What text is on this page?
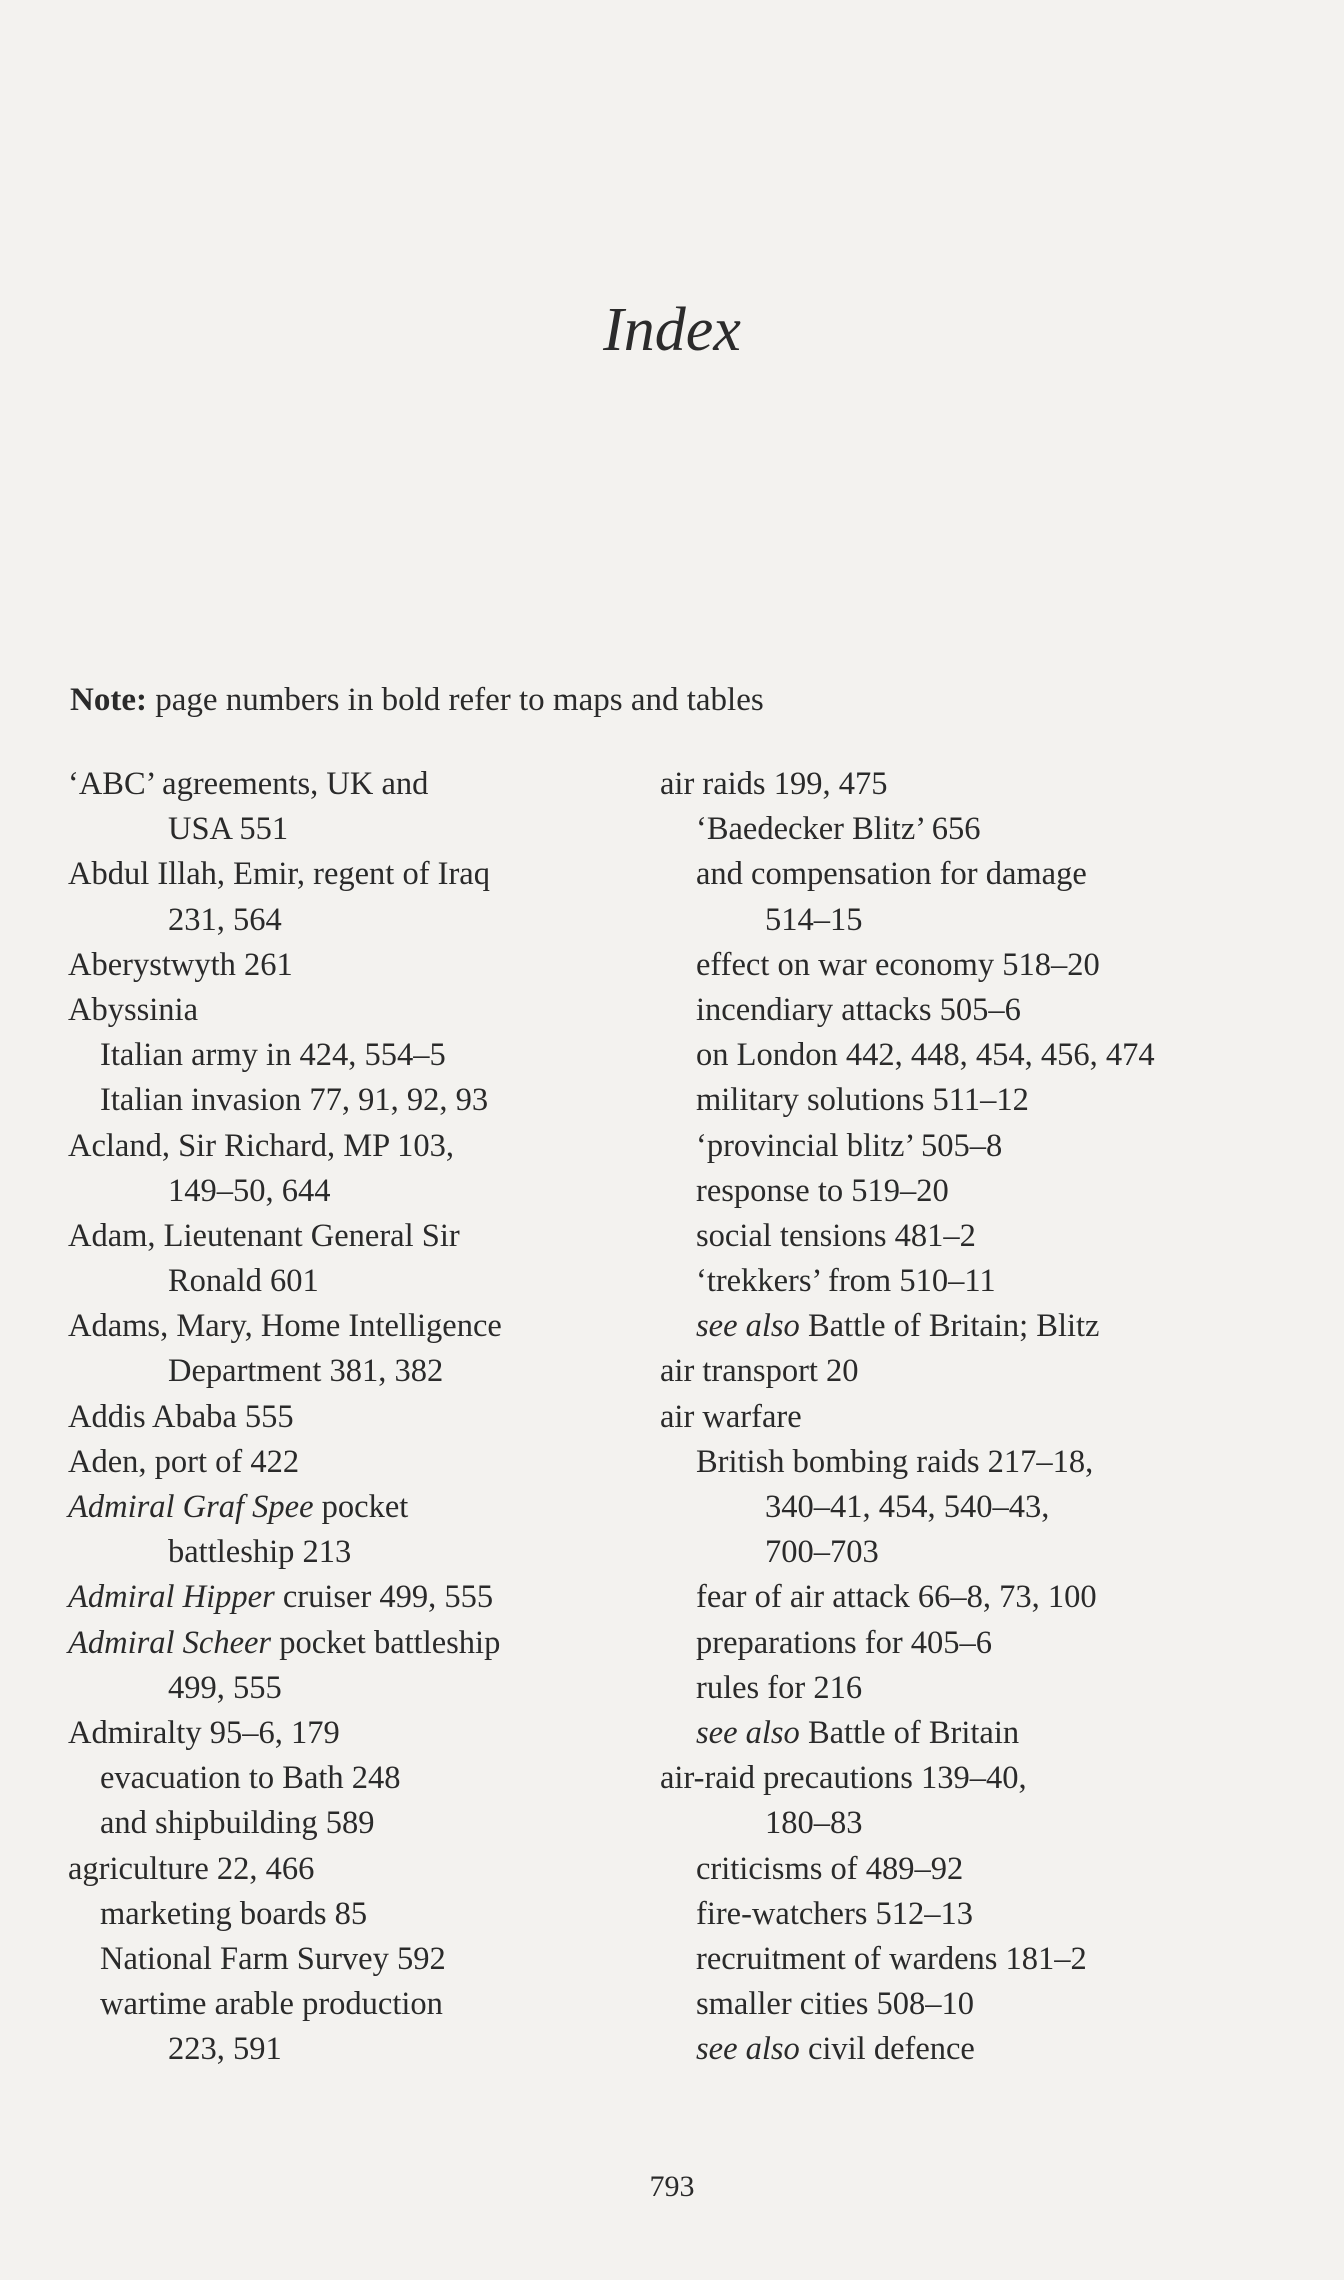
Index
Note: page numbers in bold refer to maps and tables
‘ABC’ agreements, UK and
USA 551
Abdul Illah, Emir, regent of Iraq
231, 564
Aberystwyth 261
Abyssinia
Italian army in 424, 554–5
Italian invasion 77, 91, 92, 93
Acland, Sir Richard, MP 103,
149–50, 644
Adam, Lieutenant General Sir
Ronald 601
Adams, Mary, Home Intelligence
Department 381, 382
Addis Ababa 555
Aden, port of 422
Admiral Graf Spee pocket
battleship 213
Admiral Hipper cruiser 499, 555
Admiral Scheer pocket battleship
499, 555
Admiralty 95–6, 179
evacuation to Bath 248
and shipbuilding 589
agriculture 22, 466
marketing boards 85
National Farm Survey 592
wartime arable production
223, 591
air raids 199, 475
‘Baedecker Blitz’ 656
and compensation for damage
514–15
effect on war economy 518–20
incendiary attacks 505–6
on London 442, 448, 454, 456, 474
military solutions 511–12
‘provincial blitz’ 505–8
response to 519–20
social tensions 481–2
‘trekkers’ from 510–11
see also Battle of Britain; Blitz
air transport 20
air warfare
British bombing raids 217–18,
340–41, 454, 540–43,
700–703
fear of air attack 66–8, 73, 100
preparations for 405–6
rules for 216
see also Battle of Britain
air-raid precautions 139–40,
180–83
criticisms of 489–92
fire-watchers 512–13
recruitment of wardens 181–2
smaller cities 508–10
see also civil defence
793
